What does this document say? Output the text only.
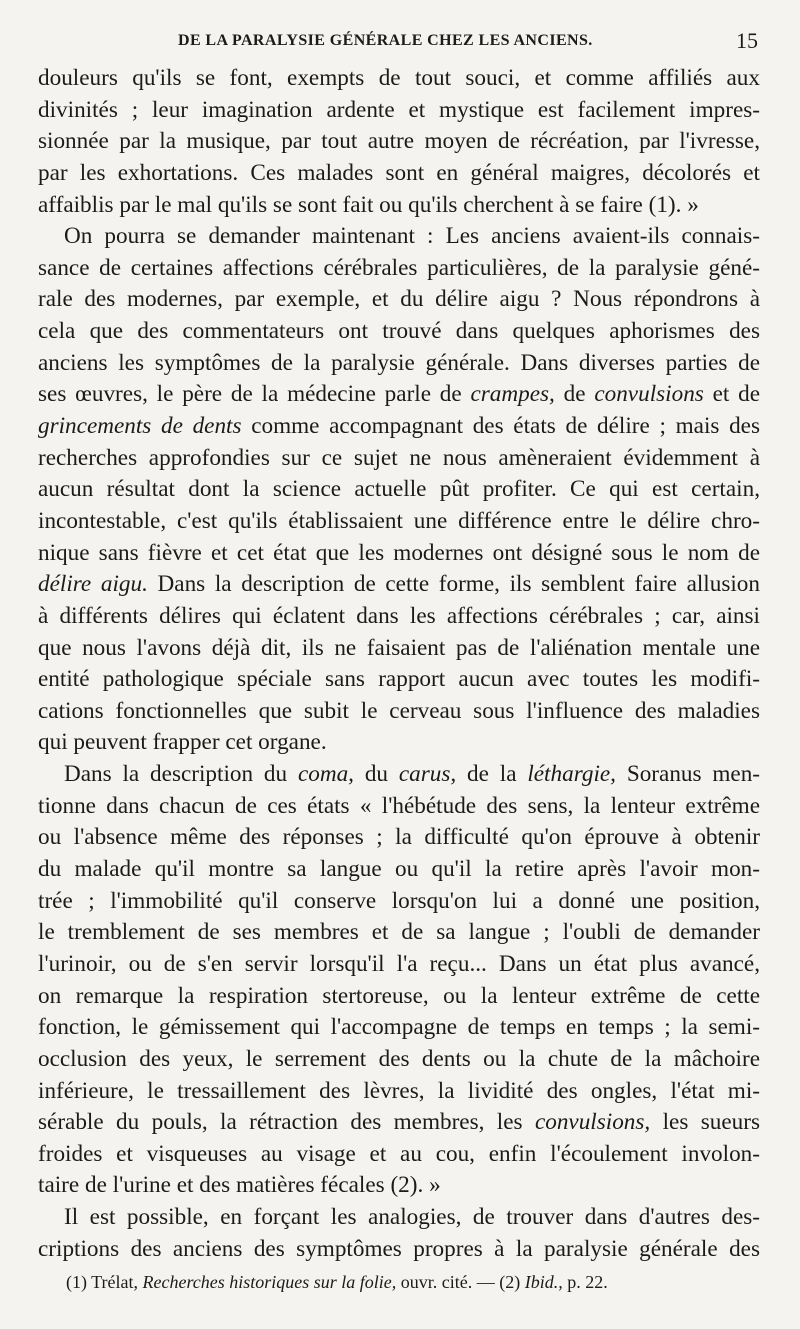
DE LA PARALYSIE GÉNÉRALE CHEZ LES ANCIENS.	15
douleurs qu'ils se font, exempts de tout souci, et comme affiliés aux
divinités ; leur imagination ardente et mystique est facilement impres-
sionnée par la musique, par tout autre moyen de récréation, par l'ivresse,
par les exhortations. Ces malades sont en général maigres, décolorés et
affaiblis par le mal qu'ils se sont fait ou qu'ils cherchent à se faire (1). »
On pourra se demander maintenant : Les anciens avaient-ils connais-
sance de certaines affections cérébrales particulières, de la paralysie géné-
rale des modernes, par exemple, et du délire aigu ? Nous répondrons à
cela que des commentateurs ont trouvé dans quelques aphorismes des
anciens les symptômes de la paralysie générale. Dans diverses parties de
ses œuvres, le père de la médecine parle de crampes, de convulsions et de
grincements de dents comme accompagnant des états de délire ; mais des
recherches approfondies sur ce sujet ne nous amèneraient évidemment à
aucun résultat dont la science actuelle pût profiter. Ce qui est certain,
incontestable, c'est qu'ils établissaient une différence entre le délire chro-
nique sans fièvre et cet état que les modernes ont désigné sous le nom de
délire aigu. Dans la description de cette forme, ils semblent faire allusion
à différents délires qui éclatent dans les affections cérébrales ; car, ainsi
que nous l'avons déjà dit, ils ne faisaient pas de l'aliénation mentale une
entité pathologique spéciale sans rapport aucun avec toutes les modifi-
cations fonctionnelles que subit le cerveau sous l'influence des maladies
qui peuvent frapper cet organe.
Dans la description du coma, du carus, de la léthargie, Soranus men-
tionne dans chacun de ces états « l'hébétude des sens, la lenteur extrême
ou l'absence même des réponses ; la difficulté qu'on éprouve à obtenir
du malade qu'il montre sa langue ou qu'il la retire après l'avoir mon-
trée ; l'immobilité qu'il conserve lorsqu'on lui a donné une position,
le tremblement de ses membres et de sa langue ; l'oubli de demander
l'urinoir, ou de s'en servir lorsqu'il l'a reçu... Dans un état plus avancé,
on remarque la respiration stertoreuse, ou la lenteur extrême de cette
fonction, le gémissement qui l'accompagne de temps en temps ; la semi-
occlusion des yeux, le serrement des dents ou la chute de la mâchoire
inférieure, le tressaillement des lèvres, la lividité des ongles, l'état mi-
sérable du pouls, la rétraction des membres, les convulsions, les sueurs
froides et visqueuses au visage et au cou, enfin l'écoulement involon-
taire de l'urine et des matières fécales (2). »
Il est possible, en forçant les analogies, de trouver dans d'autres des-
criptions des anciens des symptômes propres à la paralysie générale des
(1) Trélat, Recherches historiques sur la folie, ouvr. cité. — (2) Ibid., p. 22.
